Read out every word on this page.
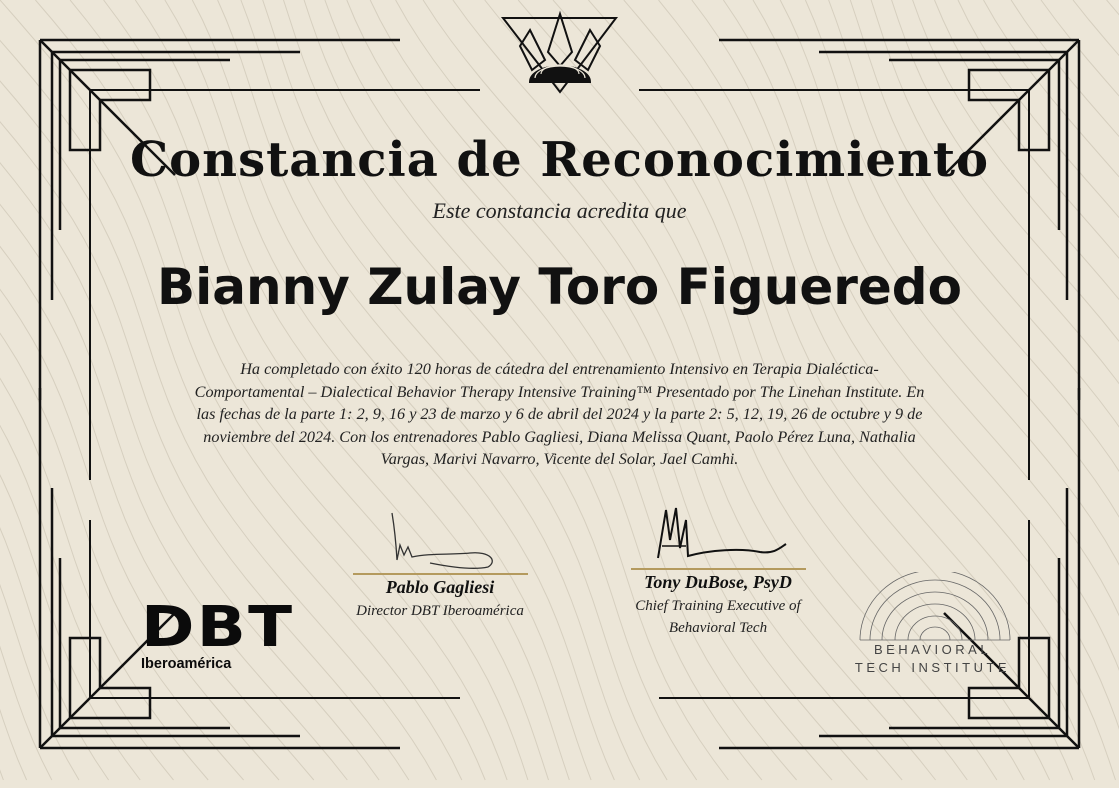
Constancia de Reconocimiento
Este constancia acredita que
Bianny Zulay Toro Figueredo
Ha completado con éxito 120 horas de cátedra del entrenamiento Intensivo en Terapia Dialéctica-
Comportamental – Dialectical Behavior Therapy Intensive Training™ Presentado por The Linehan Institute. En
las fechas de la parte 1: 2, 9, 16 y 23 de marzo y 6 de abril del 2024 y la parte 2: 5, 12, 19, 26 de octubre y 9 de
noviembre del 2024. Con los entrenadores Pablo Gagliesi, Diana Melissa Quant, Paolo Pérez Luna, Nathalia
Vargas, Marivi Navarro, Vicente del Solar, Jael Camhi.
Pablo Gagliesi
Director DBT Iberoamérica
Tony DuBose, PsyD
Chief Training Executive of
Behavioral Tech
DBT
Iberoamérica
BEHAVIORAL
TECH INSTITUTE
